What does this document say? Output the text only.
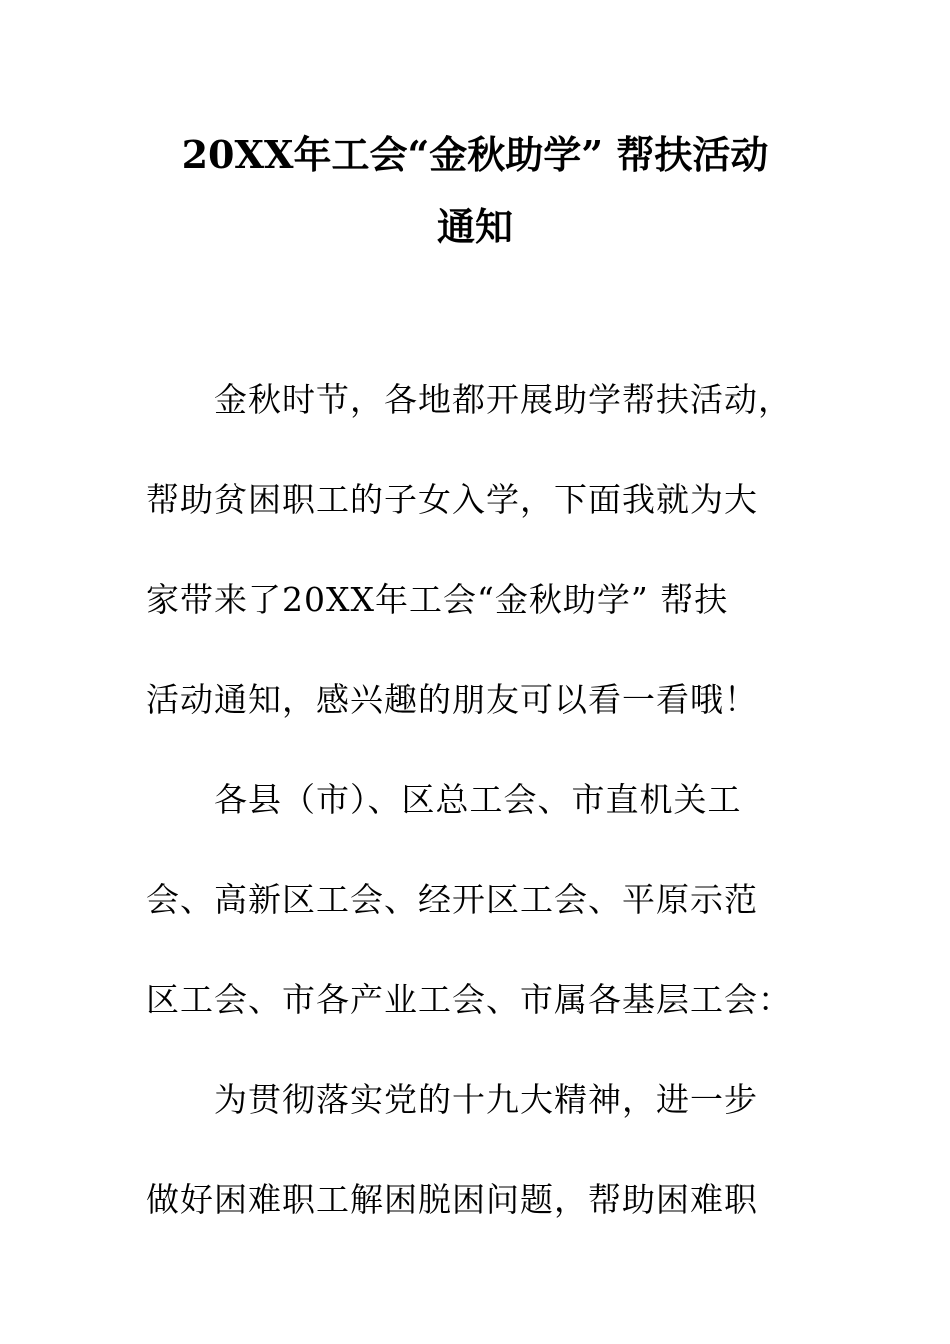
20XX年工会“金秋助学” 帮扶活动
通知
金秋时节，各地都开展助学帮扶活动，
帮助贫困职工的子女入学，下面我就为大
家带来了20XX年工会“金秋助学” 帮扶
活动通知，感兴趣的朋友可以看一看哦！
各县（市）、区总工会、市直机关工
会、高新区工会、经开区工会、平原示范
区工会、市各产业工会、市属各基层工会：
为贯彻落实党的十九大精神，进一步
做好困难职工解困脱困问题，帮助困难职
